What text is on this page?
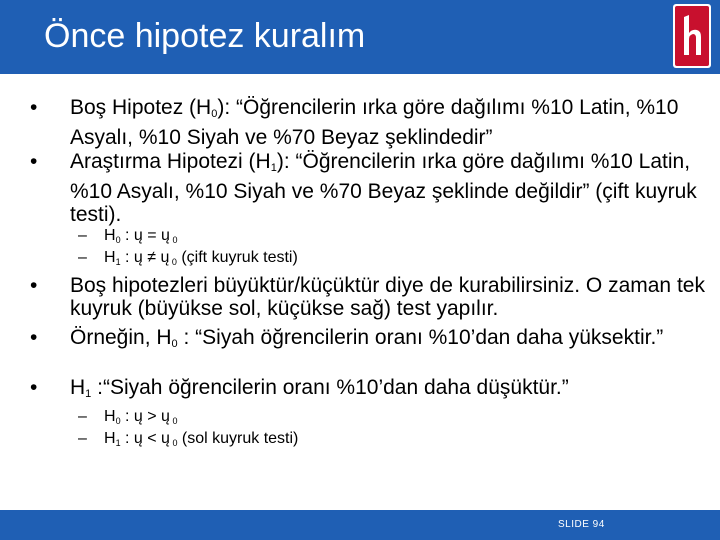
Önce hipotez kuralım
• Boş Hipotez $(H_0)$: “Öğrencilerin ırka göre dağılımı %10 Latin, %10 Asyalı, %10 Siyah ve %70 Beyaz şeklindedir”
• Araştırma Hipotezi $(H_1)$: “Öğrencilerin ırka göre dağılımı %10 Latin, %10 Asyalı, %10 Siyah ve %70 Beyaz şeklinde değildir” (çift kuyruk testi).
– H0 : ų = ų 0
– H1 : ų ≠ ų 0 (çift kuyruk testi)
• Boş hipotezleri büyüktür/küçüktür diye de kurabilirsiniz. O zaman tek kuyruk (büyükse sol, küçükse sağ) test yapılır.
• Örneğin, $H_0$ : “Siyah öğrencilerin oranı %10’dan daha yüksektir.”
• $H_1$ :“Siyah öğrencilerin oranı %10’dan daha düşüktür.”
– H0 : ų > ų 0
– H1 : ų < ų 0 (sol kuyruk testi)
SLIDE 94
